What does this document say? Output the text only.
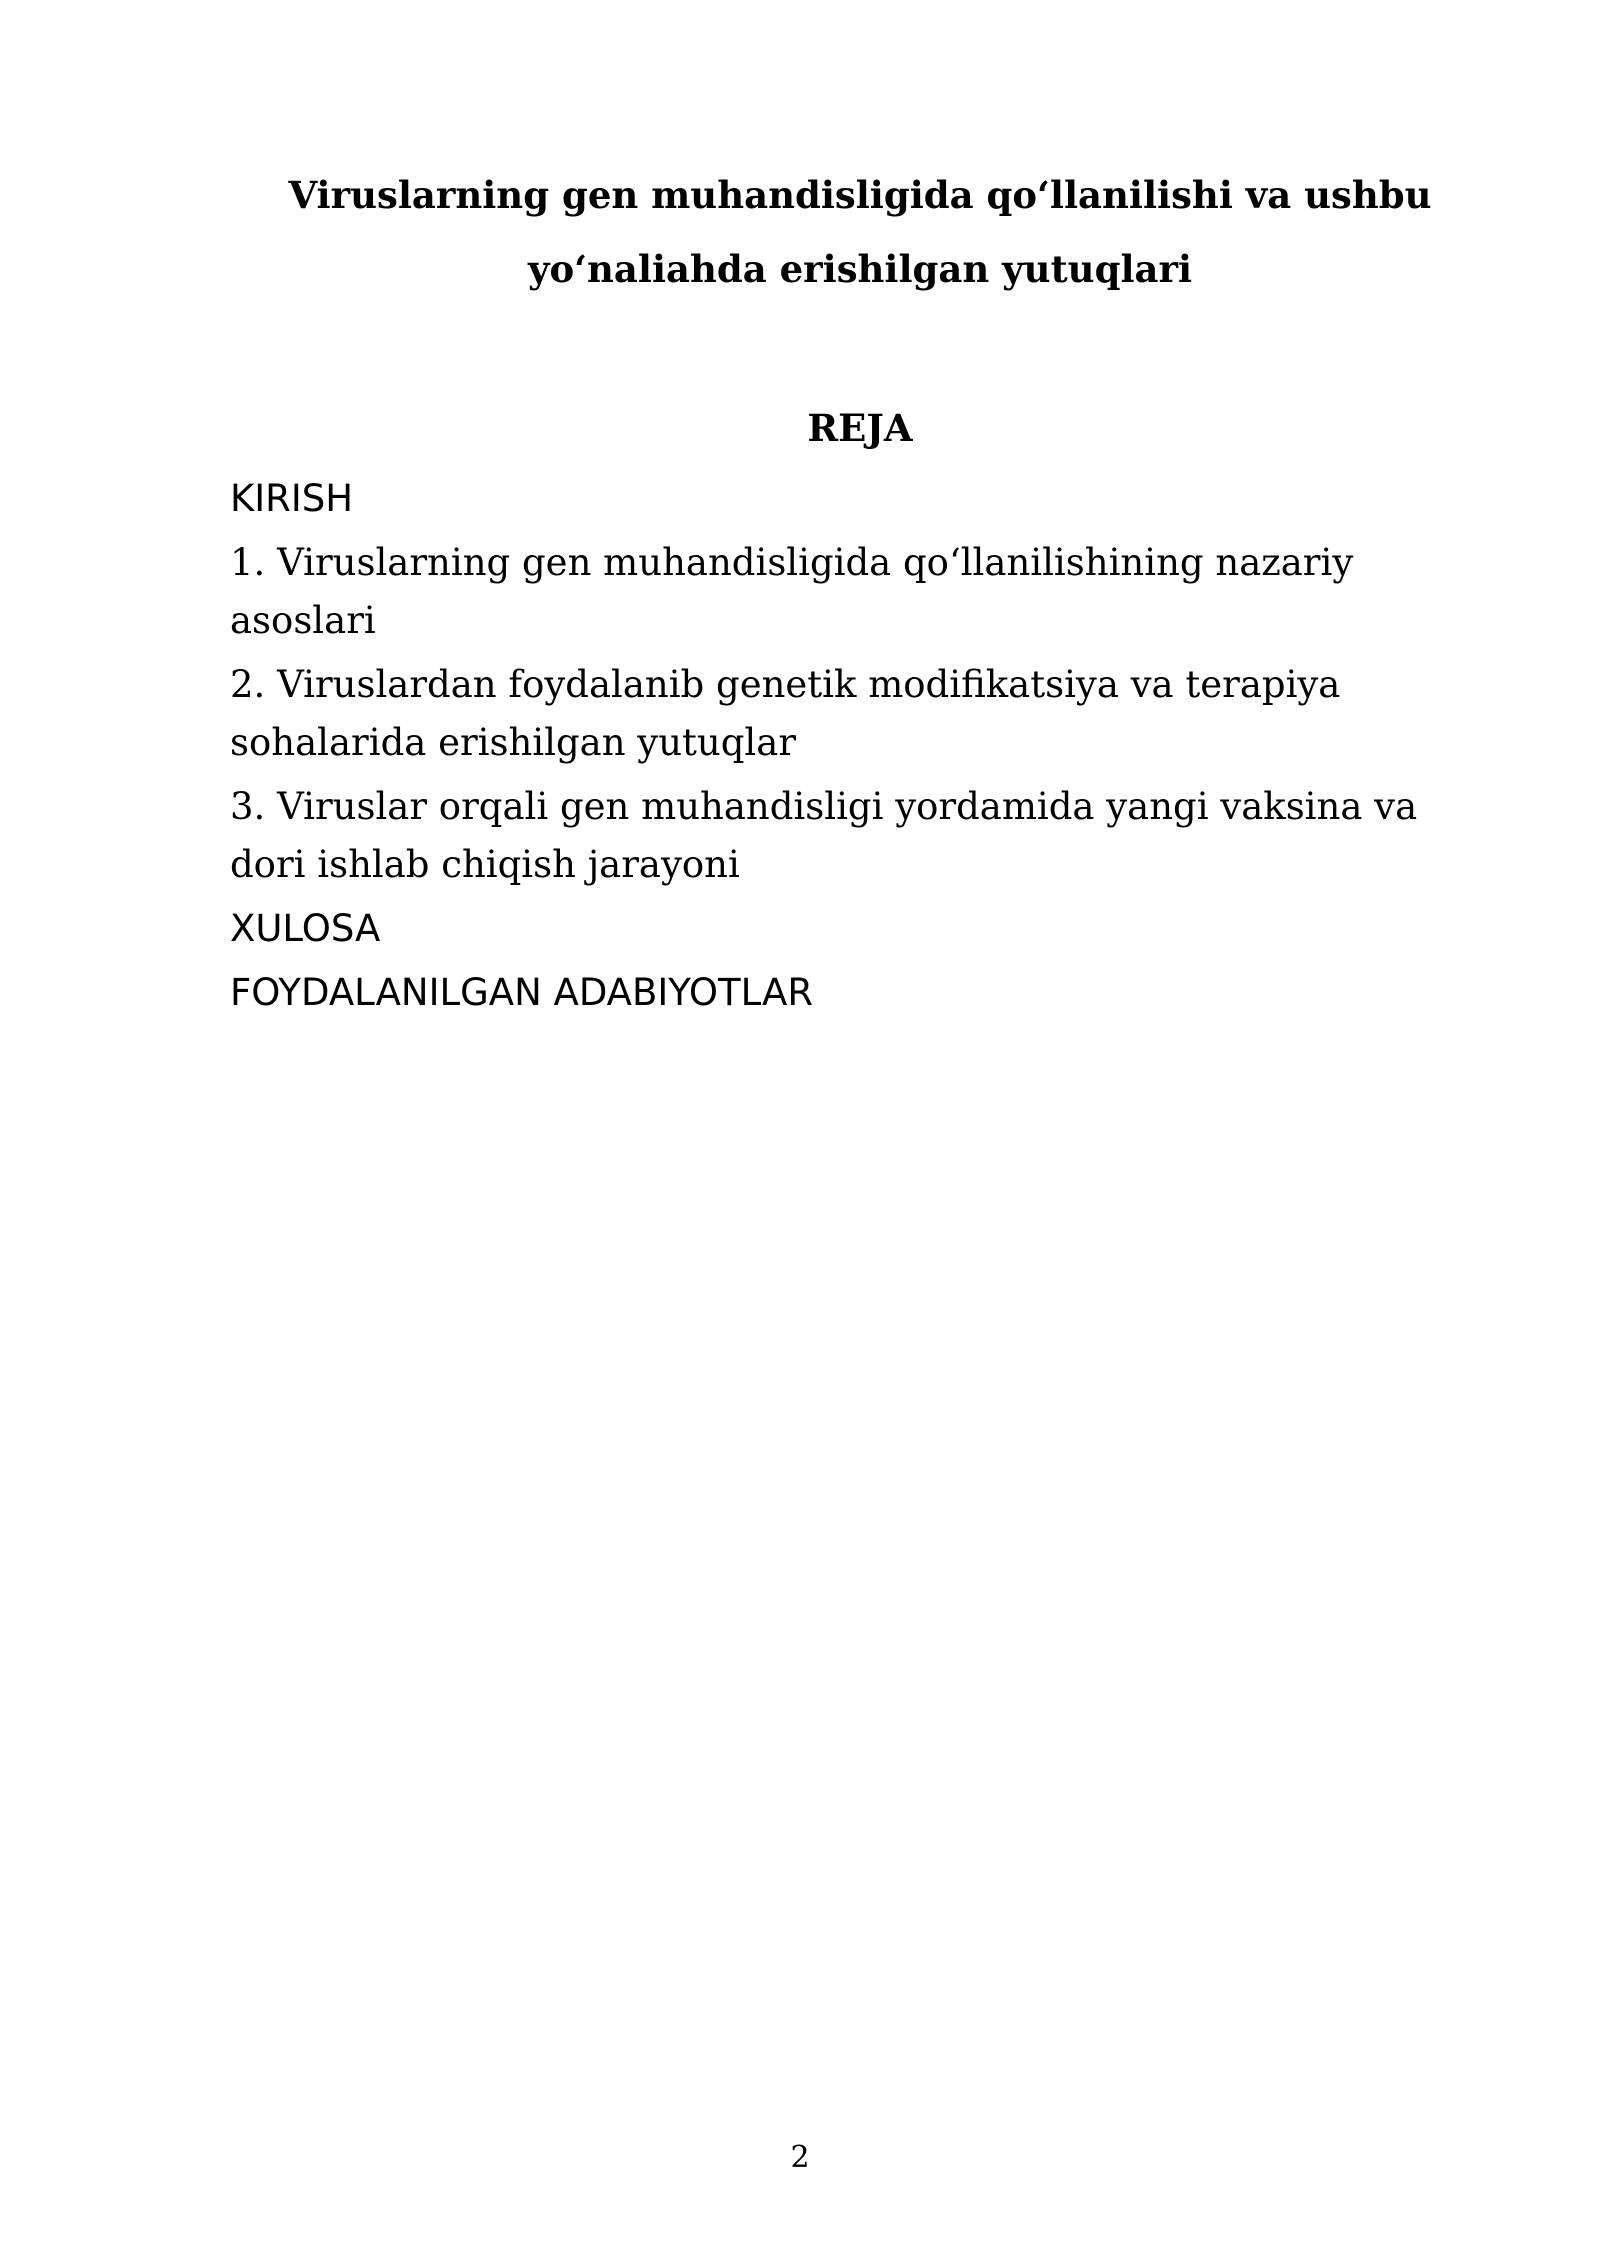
Viruslarning gen muhandisligida qo‘llanilishi va ushbu
yo‘naliahda erishilgan yutuqlari
REJA
KIRISH
1. Viruslarning gen muhandisligida qo‘llanilishining nazariy asoslari
2. Viruslardan foydalanib genetik modifikatsiya va terapiya sohalarida erishilgan yutuqlar
3. Viruslar orqali gen muhandisligi yordamida yangi vaksina va dori ishlab chiqish jarayoni
XULOSA
FOYDALANILGAN ADABIYOTLAR

2
